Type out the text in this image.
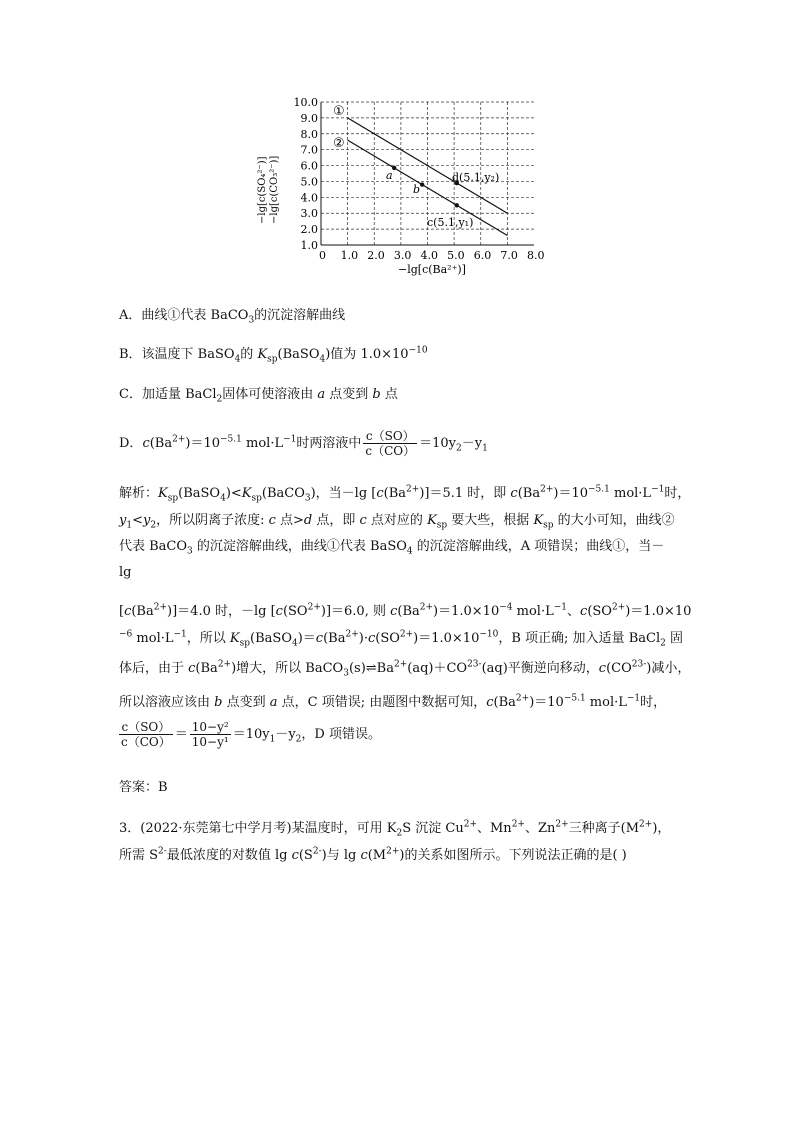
0 1.0 2.0 3.0 4.0 5.0 6.0 7.0 8.0
1.0
2.0
3.0
4.0
5.0
6.0
7.0
8.0
9.0
10.0
①
②
a
b
d(5.1,y₂)
c(5.1,y₁)
−lg[c(Ba²⁺)]
−lg[c(SO₄²⁻)] −lg[c(CO₃²⁻)]
A．曲线①代表 BaCO$_3$的沉淀溶解曲线
B．该温度下 BaSO$_4$的 $K_{sp}(BaSO_4)$值为 $1.0\times 10^{-10}$
C．加适量 BaCl$_2$固体可使溶液由 a 点变到 b 点
D．$c(Ba^{2+})=10^{-5.1}$ $mol\cdot L^{-1}$时两溶液中 $\frac{c(SO)}{c(CO)} =10y_2-y_1$
解析：$K_{sp}(BaSO_4)<K_{sp}(BaCO_3)$，当－lg $[c(Ba^{2+})]=5.1$ 时，即 $c(Ba^{2+})=10^{-5.1}$ $mol\cdot L^{-1}$时，
$y_1<y_2$，所以阴离子浓度: c 点>d 点，即 c 点对应的 $K_{sp}$ 要大些，根据 $K_{sp}$ 的大小可知，曲线②
代表 BaCO$_3$ 的沉淀溶解曲线，曲线①代表 BaSO$_4$ 的沉淀溶解曲线，A 项错误；曲线①，当－
lg
$[c(Ba^{2+})]=4.0$ 时，－lg $[c(SO^{2+})]=6.0$, 则 $c(Ba^{2+})=1.0\times 10^{-4}$ $mol\cdot L^{-1}$、$c(SO^{2+})=1.0\times 10$
$^{-6}$ $mol\cdot L^{-1}$，所以 $K_{sp}(BaSO_4)=c(Ba^{2+})\cdot c(SO^{2+})=1.0\times 10^{-10}$，B 项正确; 加入适量 BaCl$_2$ 固
体后，由于 $c(Ba^{2+})$增大，所以 $BaCO_3(s)\rightleftharpoons Ba^{2+}(aq)+CO^{23-}(aq)$平衡逆向移动，$c(CO^{23-})$减小，
所以溶液应该由 b 点变到 a 点，C 项错误; 由题图中数据可知，$c(Ba^{2+})=10^{-5.1}$ $mol\cdot L^{-1}$时，
$\frac{c(SO)}{c(CO)} = \frac{\text{10−y²}}{\text{10−y¹}} =10y_1-y_2$，D 项错误。
答案：B
3．(2022·东莞第七中学月考)某温度时，可用 $K_2S$ 沉淀 $Cu^{2+}$、$Mn^{2+}$、$Zn^{2+}$三种离子$(M^{2+})$，
所需 $S^{2-}$最低浓度的对数值 $\lg c(S^{2-})$与 $\lg c(M^{2+})$的关系如图所示。下列说法正确的是( )
